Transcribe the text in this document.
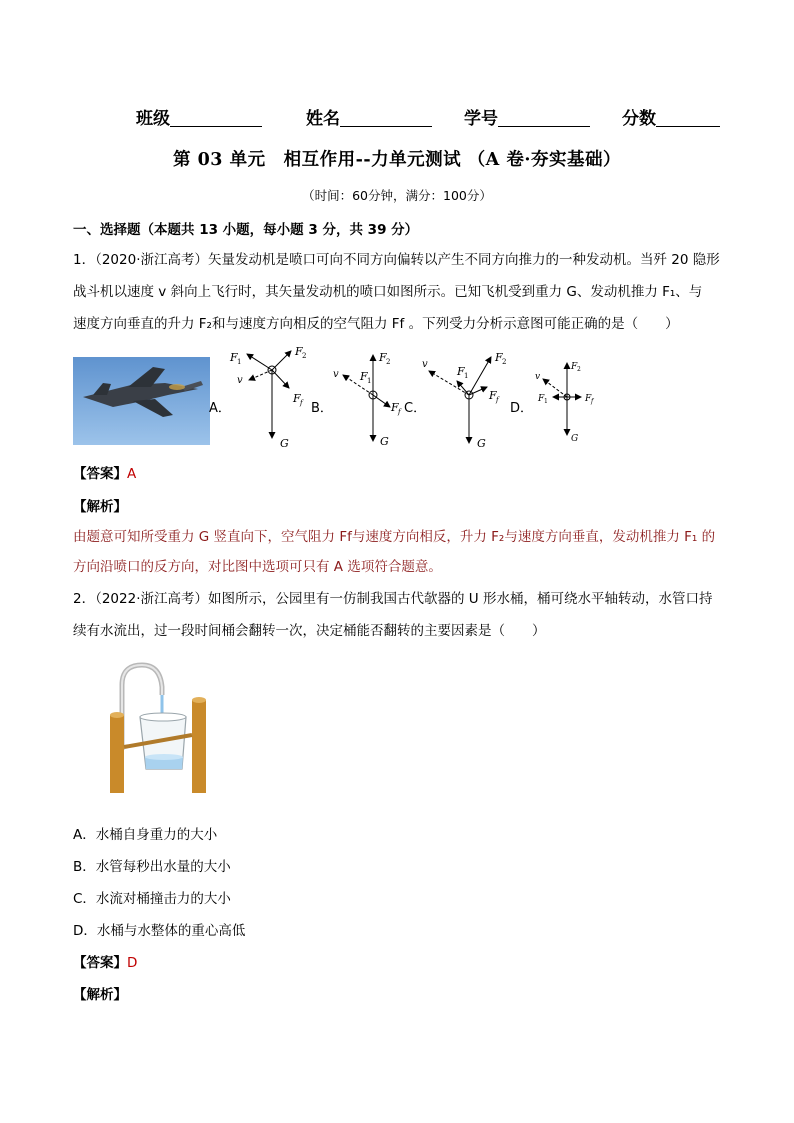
班级	姓名	学号	分数
第 03 单元　相互作用--力单元测试 （A 卷·夯实基础）
（时间：60分钟，满分：100分）
一、选择题（本题共 13 小题，每小题 3 分，共 39 分）
1．（2020·浙江高考）矢量发动机是喷口可向不同方向偏转以产生不同方向推力的一种发动机。当歼 20 隐形
战斗机以速度 v 斜向上飞行时，其矢量发动机的喷口如图所示。已知飞机受到重力 G、发动机推力 F₁、与
速度方向垂直的升力 F₂和与速度方向相反的空气阻力 Ff 。下列受力分析示意图可能正确的是（　　）
A．	B．	C．	D．
F 1
F 2
F f
v
G
F 2
F 1
v
F f
G
v
F 1
F 2
F f
G
v
F 2
F 1	F f
G
【答案】A
【解析】
由题意可知所受重力 G 竖直向下，空气阻力 Ff与速度方向相反，升力 F₂与速度方向垂直，发动机推力 F₁ 的
方向沿喷口的反方向，对比图中选项可只有 A 选项符合题意。
2．（2022·浙江高考）如图所示，公园里有一仿制我国古代欹器的 U 形水桶，桶可绕水平轴转动，水管口持
续有水流出，过一段时间桶会翻转一次，决定桶能否翻转的主要因素是（　　）
A．水桶自身重力的大小
B．水管每秒出水量的大小
C．水流对桶撞击力的大小
D．水桶与水整体的重心高低
【答案】D
【解析】
